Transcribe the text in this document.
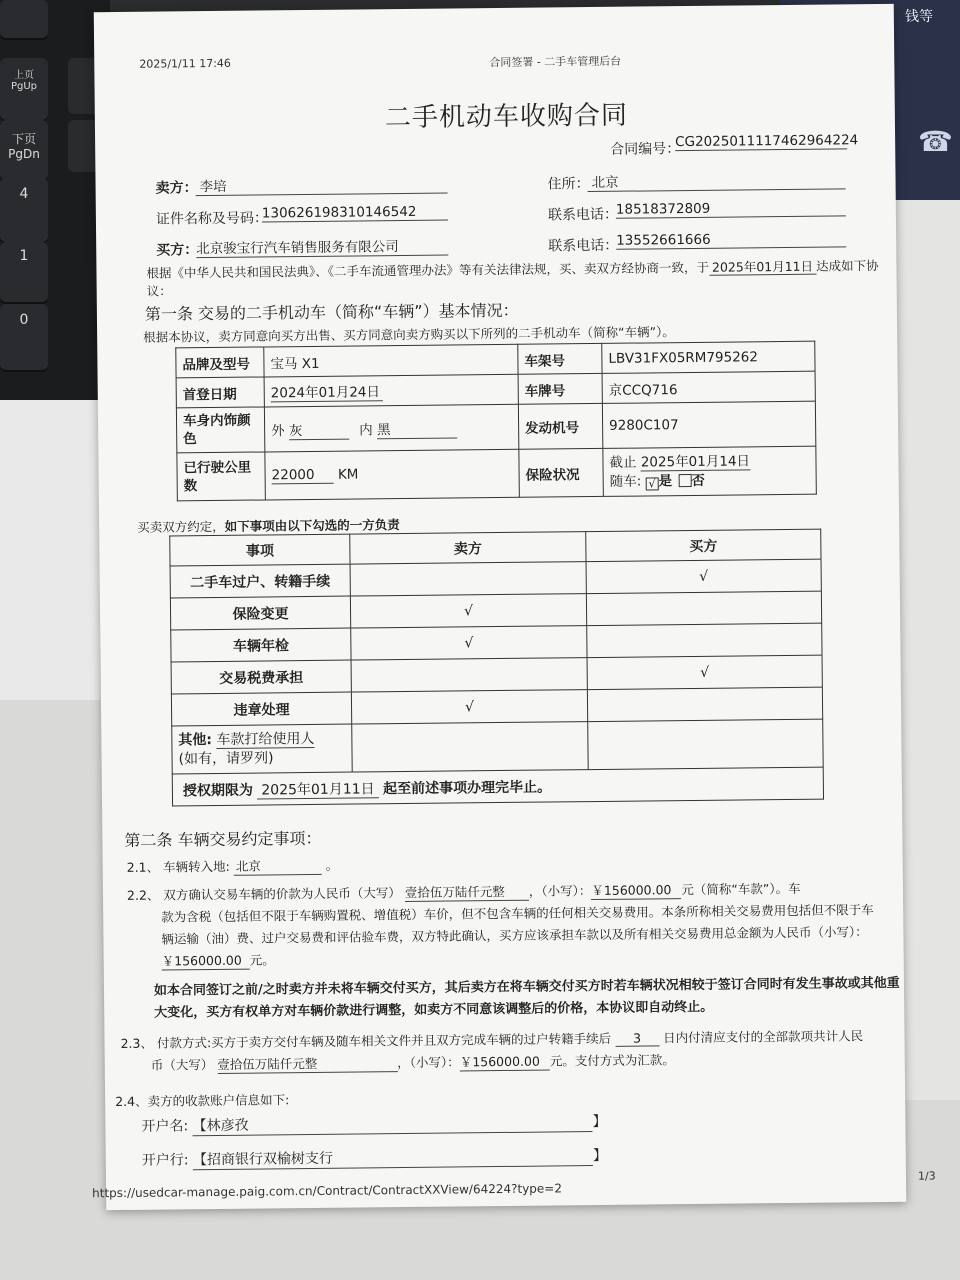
钱等
☎
上页 PgUp
下页 PgDn
4
1
0
2025/1/11 17:46	合同签署 - 二手车管理后台
二手机动车收购合同
合同编号：
CG2025011117462964224
卖方： 李培	住所： 北京
证件名称及号码：
130626198310146542	联系电话：
18518372809
买方：
北京骏宝行汽车销售服务有限公司	联系电话：
13552661666
根据《中华人民共和国民法典》、《二手车流通管理办法》等有关法律法规，买、卖双方经协商一致，于 2025年01月11日 达成如下协
议：
第一条 交易的二手机动车（简称“车辆”）基本情况：
根据本协议，卖方同意向买方出售、买方同意向卖方购买以下所列的二手机动车（简称“车辆”）。
品牌及型号	宝马 X1	车架号	LBV31FX05RM795262
首登日期	2024年01月24日	车牌号	京CCQ716
车身内饰颜色	外 灰 内 黑	发动机号	9280C107
已行驶公里数	22000 KM	保险状况	截止 2025年01月14日
随车: √ 是 否
买卖双方约定，如下事项由以下勾选的一方负责
事项	卖方	买方
二手车过户、转籍手续		√
保险变更	√	
车辆年检	√	
交易税费承担		√
违章处理	√	

其他: 车款打给使用人
(如有，请罗列)		

授权期限为 2025年01月11日 起至前述事项办理完毕止。		
第二条 车辆交易约定事项：
2.1、 车辆转入地: 北京	。
2.2、 双方确认交易车辆的价款为人民币（大写） 壹拾伍万陆仟元整 ，（小写）：￥156000.00 元（简称“车款”）。车
款为含税（包括但不限于车辆购置税、增值税）车价，但不包含车辆的任何相关交易费用。本条所称相关交易费用包括但不限于车
辆运输（油）费、过户交易费和评估验车费，双方特此确认，买方应该承担车款以及所有相关交易费用总金额为人民币（小写）：
￥156000.00 元。
如本合同签订之前/之时卖方并未将车辆交付买方，其后卖方在将车辆交付买方时若车辆状况相较于签订合同时有发生事故或其他重
大变化，买方有权单方对车辆价款进行调整，如卖方不同意该调整后的价格，本协议即自动终止。
2.3、 付款方式:买方于卖方交付车辆及随车相关文件并且双方完成车辆的过户转籍手续后 3 日内付清应支付的全部款项共计人民
币（大写） 壹拾伍万陆仟元整	，（小写）：￥156000.00 元。支付方式为汇款。
2.4、卖方的收款账户信息如下:
开户名: 【林彦孜	】
开户行: 【招商银行双榆树支行	】
https://usedcar-manage.paig.com.cn/Contract/ContractXXView/64224?type=2
1/3
